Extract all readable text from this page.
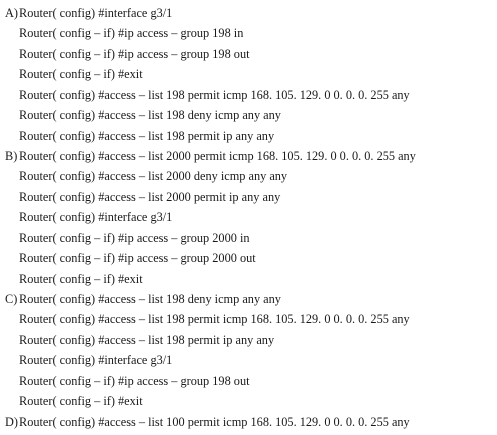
A)Router( config) #interface g3/1
Router( config – if) #ip access – group 198 in
Router( config – if) #ip access – group 198 out
Router( config – if) #exit
Router( config) #access – list 198 permit icmp 168. 105. 129. 0 0. 0. 0. 255 any
Router( config) #access – list 198 deny icmp any any
Router( config) #access – list 198 permit ip any any
B) Router( config) #access – list 2000 permit icmp 168. 105. 129. 0 0. 0. 0. 255 any
Router( config) #access – list 2000 deny icmp any any
Router( config) #access – list 2000 permit ip any any
Router( config) #interface g3/1
Router( config – if) #ip access – group 2000 in
Router( config – if) #ip access – group 2000 out
Router( config – if) #exit
C) Router( config) #access – list 198 deny icmp any any
Router( config) #access – list 198 permit icmp 168. 105. 129. 0 0. 0. 0. 255 any
Router( config) #access – list 198 permit ip any any
Router( config) #interface g3/1
Router( config – if) #ip access – group 198 out
Router( config – if) #exit
D)Router( config) #access – list 100 permit icmp 168. 105. 129. 0 0. 0. 0. 255 any
